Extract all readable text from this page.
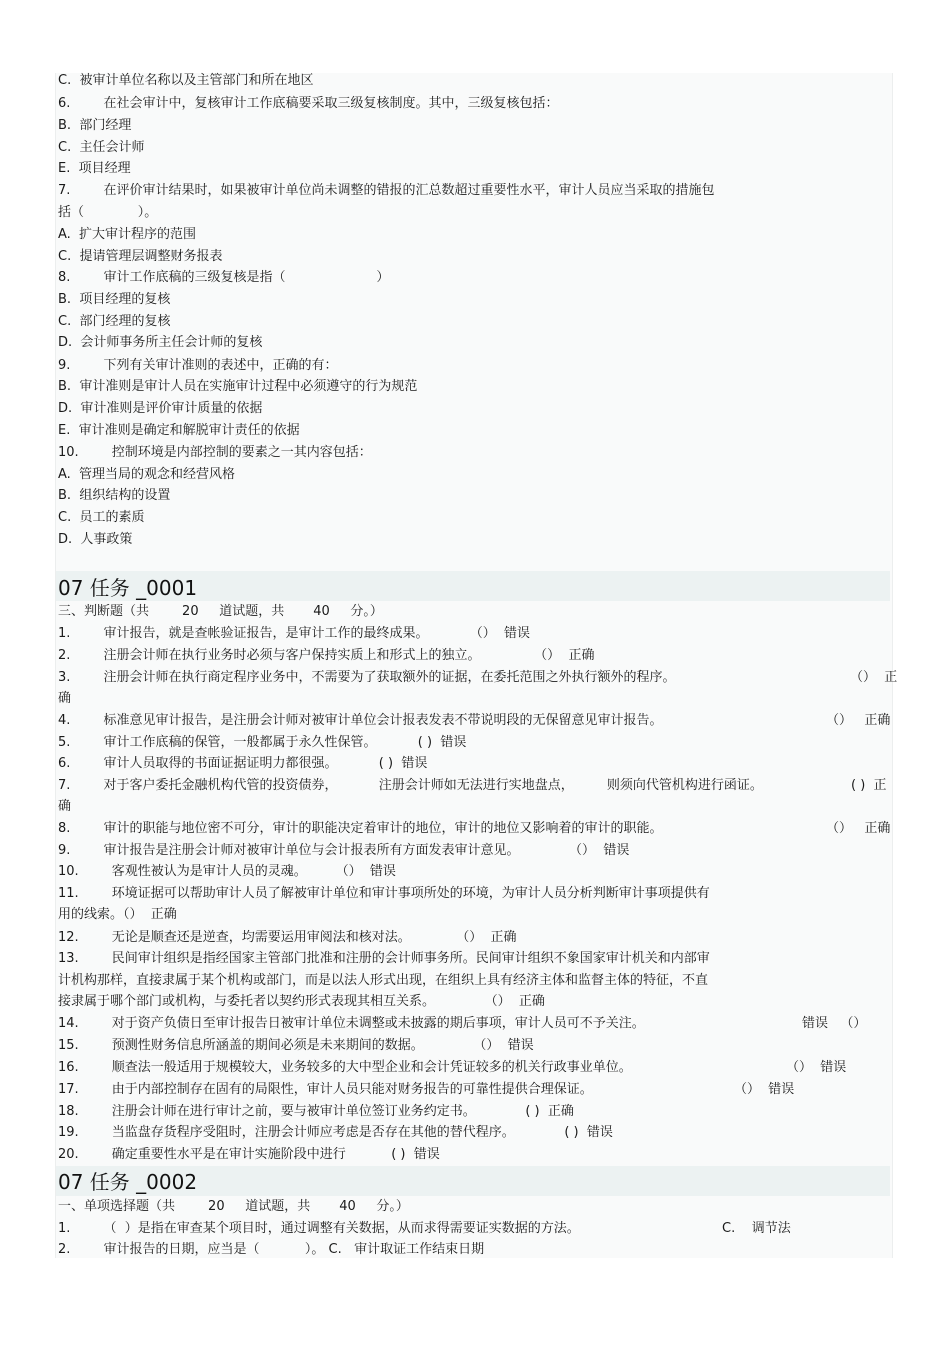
C.  被审计单位名称以及主管部门和所在地区
6.        在社会审计中，复核审计工作底稿要采取三级复核制度。其中，三级复核包括：
B.  部门经理
C.  主任会计师
E.  项目经理
7.        在评价审计结果时，如果被审计单位尚未调整的错报的汇总数超过重要性水平，审计人员应当采取的措施包
括（             ）。
A.  扩大审计程序的范围
C.  提请管理层调整财务报表
8.        审计工作底稿的三级复核是指（                      ）
B.  项目经理的复核
C.  部门经理的复核
D.  会计师事务所主任会计师的复核
9.        下列有关审计准则的表述中，正确的有：
B.  审计准则是审计人员在实施审计过程中必须遵守的行为规范
D.  审计准则是评价审计质量的依据
E.  审计准则是确定和解脱审计责任的依据
10.        控制环境是内部控制的要素之一其内容包括：
A.  管理当局的观念和经营风格
B.  组织结构的设置
C.  员工的素质
D.  人事政策
07 任务 _0001
三、判断题（共        20     道试题，共       40     分。）
1.        审计报告，就是查帐验证报告，是审计工作的最终成果。          （）  错误
2.        注册会计师在执行业务时必须与客户保持实质上和形式上的独立。             （）  正确
3.        注册会计师在执行商定程序业务中，不需要为了获取额外的证据，在委托范围之外执行额外的程序。	（）  正
确
4.        标准意见审计报告，是注册会计师对被审计单位会计报表发表不带说明段的无保留意见审计报告。	（）   正确
5.        审计工作底稿的保管，一般都属于永久性保管。          ( )  错误
6.        审计人员取得的书面证据证明力都很强。          ( )  错误
7.        对于客户委托金融机构代管的投资债券，          注册会计师如无法进行实地盘点，        则须向代管机构进行函证。	( )  正
确
8.        审计的职能与地位密不可分，审计的职能决定着审计的地位，审计的地位又影响着的审计的职能。	（）   正确
9.        审计报告是注册会计师对被审计单位与会计报表所有方面发表审计意见。            （）  错误
10.        客观性被认为是审计人员的灵魂。       （）  错误
11.        环境证据可以帮助审计人员了解被审计单位和审计事项所处的环境，为审计人员分析判断审计事项提供有
用的线索。（）  正确
12.        无论是顺查还是逆查，均需要运用审阅法和核对法。           （）  正确
13.        民间审计组织是指经国家主管部门批准和注册的会计师事务所。民间审计组织不象国家审计机关和内部审
计机构那样，直接隶属于某个机构或部门，而是以法人形式出现，在组织上具有经济主体和监督主体的特征，不直
接隶属于哪个部门或机构，与委托者以契约形式表现其相互关系。            （）  正确
14.        对于资产负债日至审计报告日被审计单位未调整或未披露的期后事项，审计人员可不予关注。	错误   （）
15.        预测性财务信息所涵盖的期间必须是未来期间的数据。            （）  错误
16.        顺查法一般适用于规模较大，业务较多的大中型企业和会计凭证较多的机关行政事业单位。	（）  错误
17.        由于内部控制存在固有的局限性，审计人员只能对财务报告的可靠性提供合理保证。	（）  错误
18.        注册会计师在进行审计之前，要与被审计单位签订业务约定书。            ( )  正确
19.        当监盘存货程序受阻时，注册会计师应考虑是否存在其他的替代程序。            ( )  错误
20.        确定重要性水平是在审计实施阶段中进行           ( )  错误
07 任务 _0002
一、单项选择题（共        20     道试题，共       40     分。）
1.        （  ）是指在审查某个项目时，通过调整有关数据，从而求得需要证实数据的方法。	C.    调节法
2.        审计报告的日期，应当是（           ）。 C.   审计取证工作结束日期
